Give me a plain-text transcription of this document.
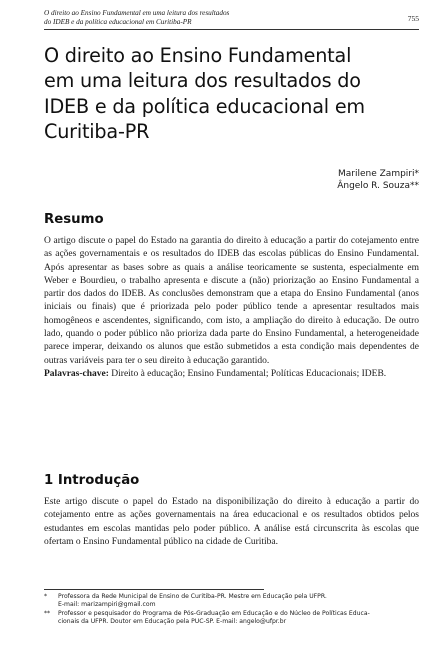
O direito ao Ensino Fundamental em uma leitura dos resultados
do IDEB e da política educacional em Curitiba-PR	755
O direito ao Ensino Fundamental
em uma leitura dos resultados do
IDEB e da política educacional em
Curitiba-PR
Marilene Zampiri*
Ângelo R. Souza**
Resumo

O artigo discute o papel do Estado na garantia do direito à educação a partir do cotejamento entre as ações governamentais e os resultados do IDEB das escolas públicas do Ensino Fundamental. Após apresentar as bases sobre as quais a análise teoricamente se sustenta, especialmente em Weber e Bourdieu, o trabalho apresenta e discute a (não) priorização ao Ensino Fundamental a partir dos dados do IDEB. As conclusões demonstram que a etapa do Ensino Fundamental (anos iniciais ou finais) que é priorizada pelo poder público tende a apresentar resultados mais homogêneos e ascendentes, significando, com isto, a ampliação do direito à educação. De outro lado, quando o poder público não prioriza dada parte do Ensino Fundamental, a heterogeneidade parece imperar, deixando os alunos que estão submetidos a esta condição mais dependentes de outras variáveis para ter o seu direito à educação garantido.
Palavras-chave: Direito à educação; Ensino Fundamental; Políticas Educacionais; IDEB.

1 Introdução

Este artigo discute o papel do Estado na disponibilização do direito à educação a partir do cotejamento entre as ações governamentais na área educacional e os resultados obtidos pelos estudantes em escolas mantidas pelo poder público. A análise está circunscrita às escolas que ofertam o Ensino Fundamental público na cidade de Curitiba.

*	Professora da Rede Municipal de Ensino de Curitiba-PR. Mestre em Educação pela UFPR.
E-mail: marizampiri@gmail.com
**	Professor e pesquisador do Programa de Pós-Graduação em Educação e do Núcleo de Políticas Educa-
cionais da UFPR. Doutor em Educação pela PUC-SP. E-mail: angelo@ufpr.br
